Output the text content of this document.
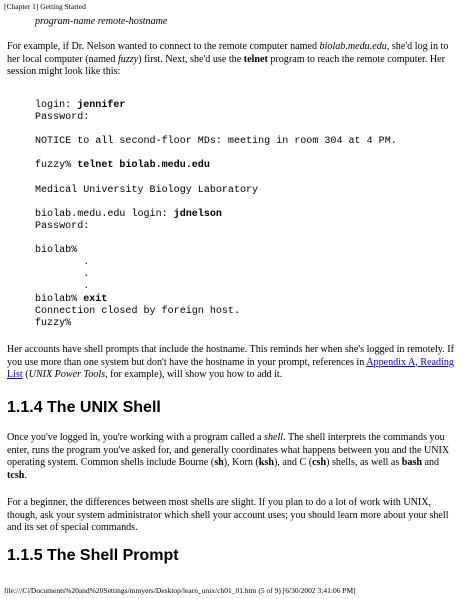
[Chapter 1] Getting Started

program-name remote-hostname

For example, if Dr. Nelson wanted to connect to the remote computer named biolab.medu.edu, she'd log in to her local computer (named fuzzy) first. Next, she'd use the telnet program to reach the remote computer. Her session might look like this:

login: jennifer
Password:

NOTICE to all second-floor MDs: meeting in room 304 at 4 PM.

fuzzy% telnet biolab.medu.edu

Medical University Biology Laboratory

biolab.medu.edu login: jdnelson
Password:

biolab%
.
.
.
biolab% exit
Connection closed by foreign host.
fuzzy%

Her accounts have shell prompts that include the hostname. This reminds her when she's logged in remotely. If you use more than one system but don't have the hostname in your prompt, references in Appendix A, Reading List (UNIX Power Tools, for example), will show you how to add it.

1.1.4 The UNIX Shell

Once you've logged in, you're working with a program called a shell. The shell interprets the commands you enter, runs the program you've asked for, and generally coordinates what happens between you and the UNIX operating system. Common shells include Bourne (sh), Korn (ksh), and C (csh) shells, as well as bash and tcsh.

For a beginner, the differences between most shells are slight. If you plan to do a lot of work with UNIX, though, ask your system administrator which shell your account uses; you should learn more about your shell and its set of special commands.

1.1.5 The Shell Prompt
file:///C|/Documents%20and%20Settings/mmyers/Desktop/learn_unix/ch01_01.htm (5 of 9) [6/30/2002 3:41:06 PM]
